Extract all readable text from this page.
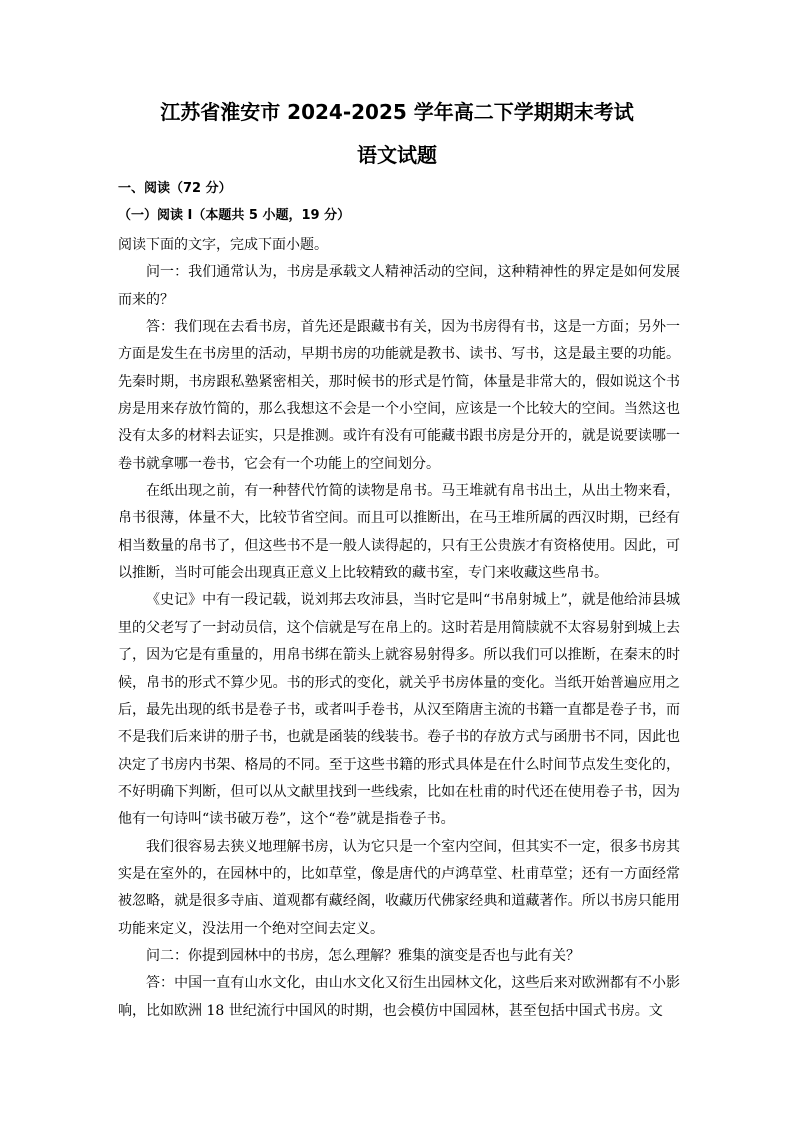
江苏省淮安市 2024-2025 学年高二下学期期末考试
语文试题
一、阅读（72 分）
（一）阅读 I（本题共 5 小题，19 分）

阅读下面的文字，完成下面小题。

问一：我们通常认为，书房是承载文人精神活动的空间，这种精神性的界定是如何发展而来的？

答：我们现在去看书房，首先还是跟藏书有关，因为书房得有书，这是一方面；另外一方面是发生在书房里的活动，早期书房的功能就是教书、读书、写书，这是最主要的功能。先秦时期，书房跟私塾紧密相关，那时候书的形式是竹简，体量是非常大的，假如说这个书房是用来存放竹简的，那么我想这不会是一个小空间，应该是一个比较大的空间。当然这也没有太多的材料去证实，只是推测。或许有没有可能藏书跟书房是分开的，就是说要读哪一卷书就拿哪一卷书，它会有一个功能上的空间划分。

在纸出现之前，有一种替代竹简的读物是帛书。马王堆就有帛书出土，从出土物来看，帛书很薄，体量不大，比较节省空间。而且可以推断出，在马王堆所属的西汉时期，已经有相当数量的帛书了，但这些书不是一般人读得起的，只有王公贵族才有资格使用。因此，可以推断，当时可能会出现真正意义上比较精致的藏书室，专门来收藏这些帛书。

《史记》中有一段记载，说刘邦去攻沛县，当时它是叫“书帛射城上”，就是他给沛县城里的父老写了一封动员信，这个信就是写在帛上的。这时若是用简牍就不太容易射到城上去了，因为它是有重量的，用帛书绑在箭头上就容易射得多。所以我们可以推断，在秦末的时候，帛书的形式不算少见。书的形式的变化，就关乎书房体量的变化。当纸开始普遍应用之后，最先出现的纸书是卷子书，或者叫手卷书，从汉至隋唐主流的书籍一直都是卷子书，而不是我们后来讲的册子书，也就是函装的线装书。卷子书的存放方式与函册书不同，因此也决定了书房内书架、格局的不同。至于这些书籍的形式具体是在什么时间节点发生变化的，不好明确下判断，但可以从文献里找到一些线索，比如在杜甫的时代还在使用卷子书，因为他有一句诗叫“读书破万卷”，这个“卷”就是指卷子书。

我们很容易去狭义地理解书房，认为它只是一个室内空间，但其实不一定，很多书房其实是在室外的，在园林中的，比如草堂，像是唐代的卢鸿草堂、杜甫草堂；还有一方面经常被忽略，就是很多寺庙、道观都有藏经阁，收藏历代佛家经典和道藏著作。所以书房只能用功能来定义，没法用一个绝对空间去定义。

问二：你提到园林中的书房，怎么理解？雅集的演变是否也与此有关？

答：中国一直有山水文化，由山水文化又衍生出园林文化，这些后来对欧洲都有不小影响，比如欧洲 18 世纪流行中国风的时期，也会模仿中国园林，甚至包括中国式书房。文
